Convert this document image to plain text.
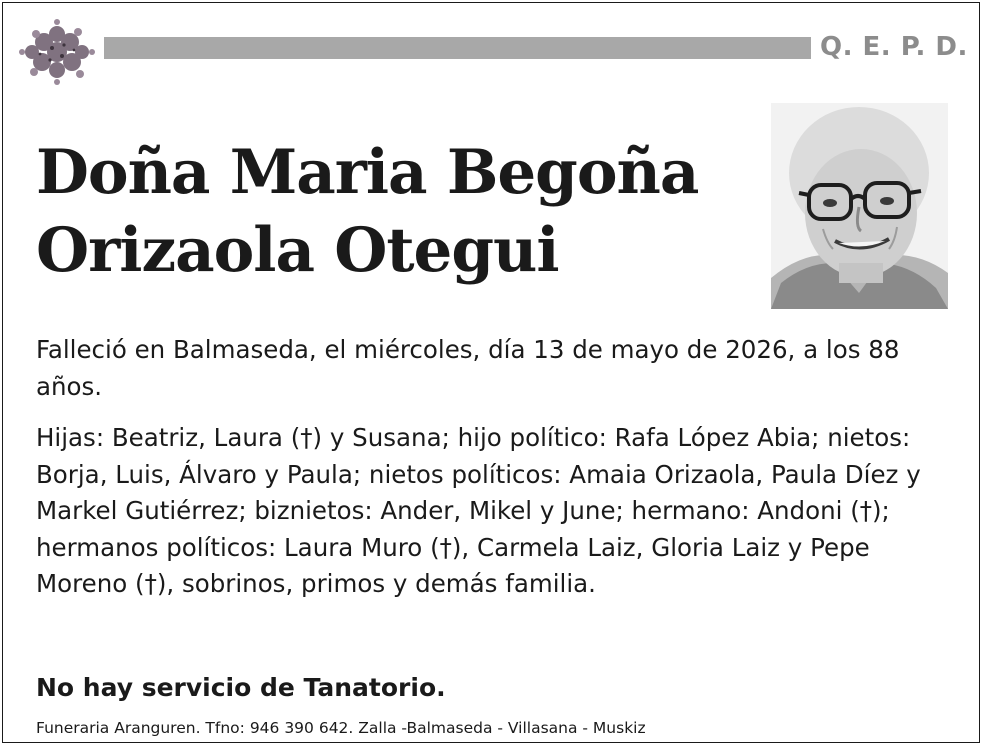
Q. E. P. D.
Doña Maria Begoña
Orizaola Otegui

Falleció en Balmaseda, el miércoles, día 13 de mayo de 2026, a los 88 años.

Hijas: Beatriz, Laura (†) y Susana; hijo político: Rafa López Abia; nietos: Borja, Luis, Álvaro y Paula; nietos políticos: Amaia Orizaola, Paula Díez y Markel Gutiérrez; biznietos: Ander, Mikel y June; hermano: Andoni (†); hermanos políticos: Laura Muro (†), Carmela Laiz, Gloria Laiz y Pepe Moreno (†), sobrinos, primos y demás familia.

No hay servicio de Tanatorio.
Funeraria Aranguren. Tfno: 946 390 642. Zalla -Balmaseda - Villasana - Muskiz
